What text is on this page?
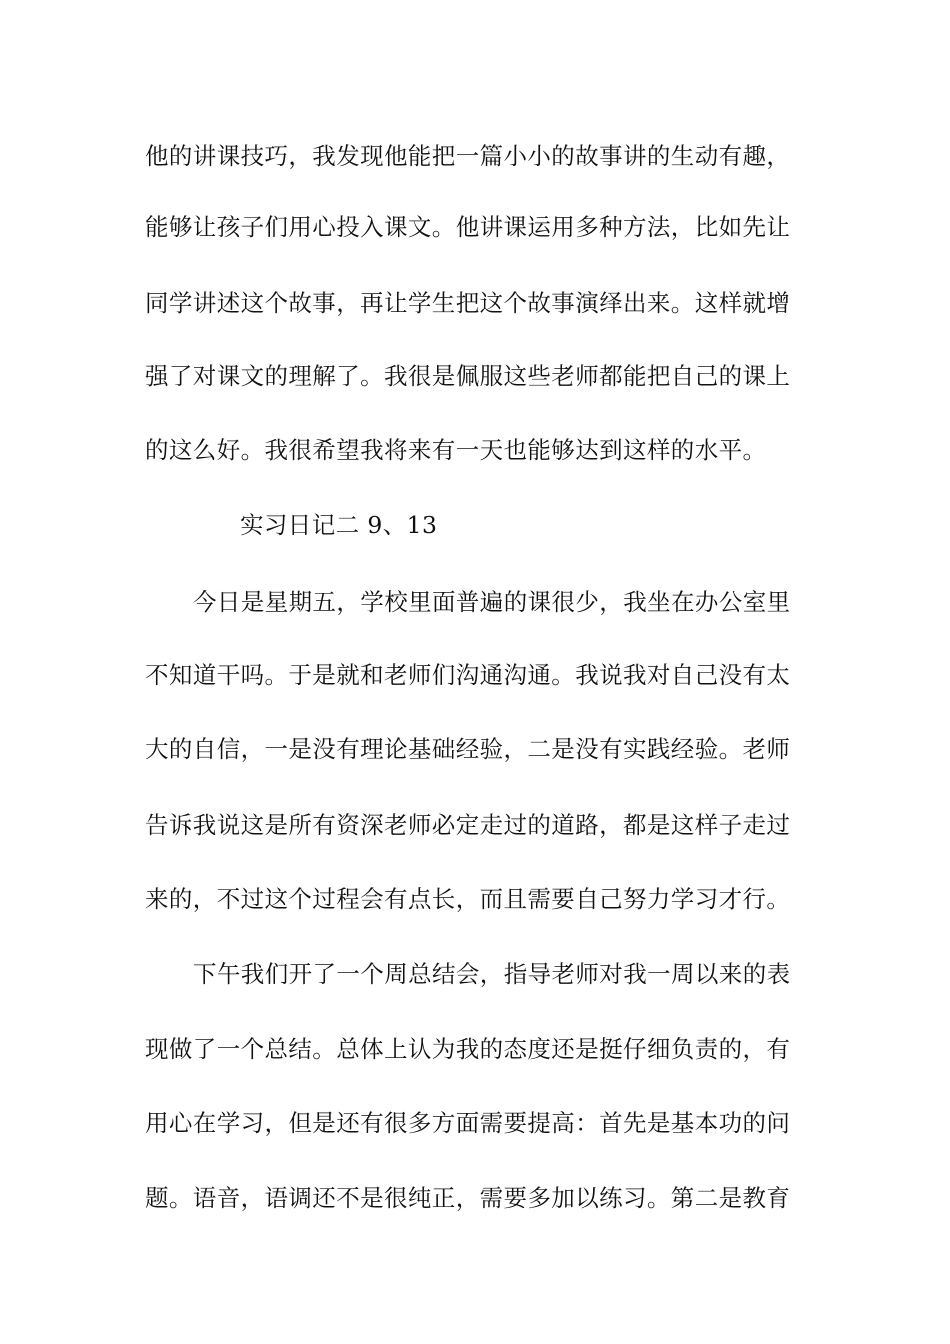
他的讲课技巧，我发现他能把一篇小小的故事讲的生动有趣，
能够让孩子们用心投入课文。他讲课运用多种方法，比如先让
同学讲述这个故事，再让学生把这个故事演绎出来。这样就增
强了对课文的理解了。我很是佩服这些老师都能把自己的课上
的这么好。我很希望我将来有一天也能够达到这样的水平。
实习日记二 9、13
今日是星期五，学校里面普遍的课很少，我坐在办公室里
不知道干吗。于是就和老师们沟通沟通。我说我对自己没有太
大的自信，一是没有理论基础经验，二是没有实践经验。老师
告诉我说这是所有资深老师必定走过的道路，都是这样子走过
来的，不过这个过程会有点长，而且需要自己努力学习才行。
下午我们开了一个周总结会，指导老师对我一周以来的表
现做了一个总结。总体上认为我的态度还是挺仔细负责的，有
用心在学习，但是还有很多方面需要提高：首先是基本功的问
题。语音，语调还不是很纯正，需要多加以练习。第二是教育
